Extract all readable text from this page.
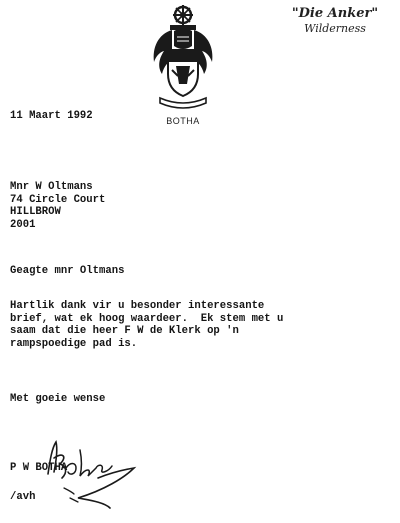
BOTHA
"Die Anker"
Wilderness

11 Maart 1992

Mnr W Oltmans
74 Circle Court
HILLBROW
2001

Geagte mnr Oltmans

Hartlik dank vir u besonder interessante
brief, wat ek hoog waardeer.  Ek stem met u
saam dat die heer F W de Klerk op 'n
rampspoedige pad is.

Met goeie wense

P W BOTHA

/avh
